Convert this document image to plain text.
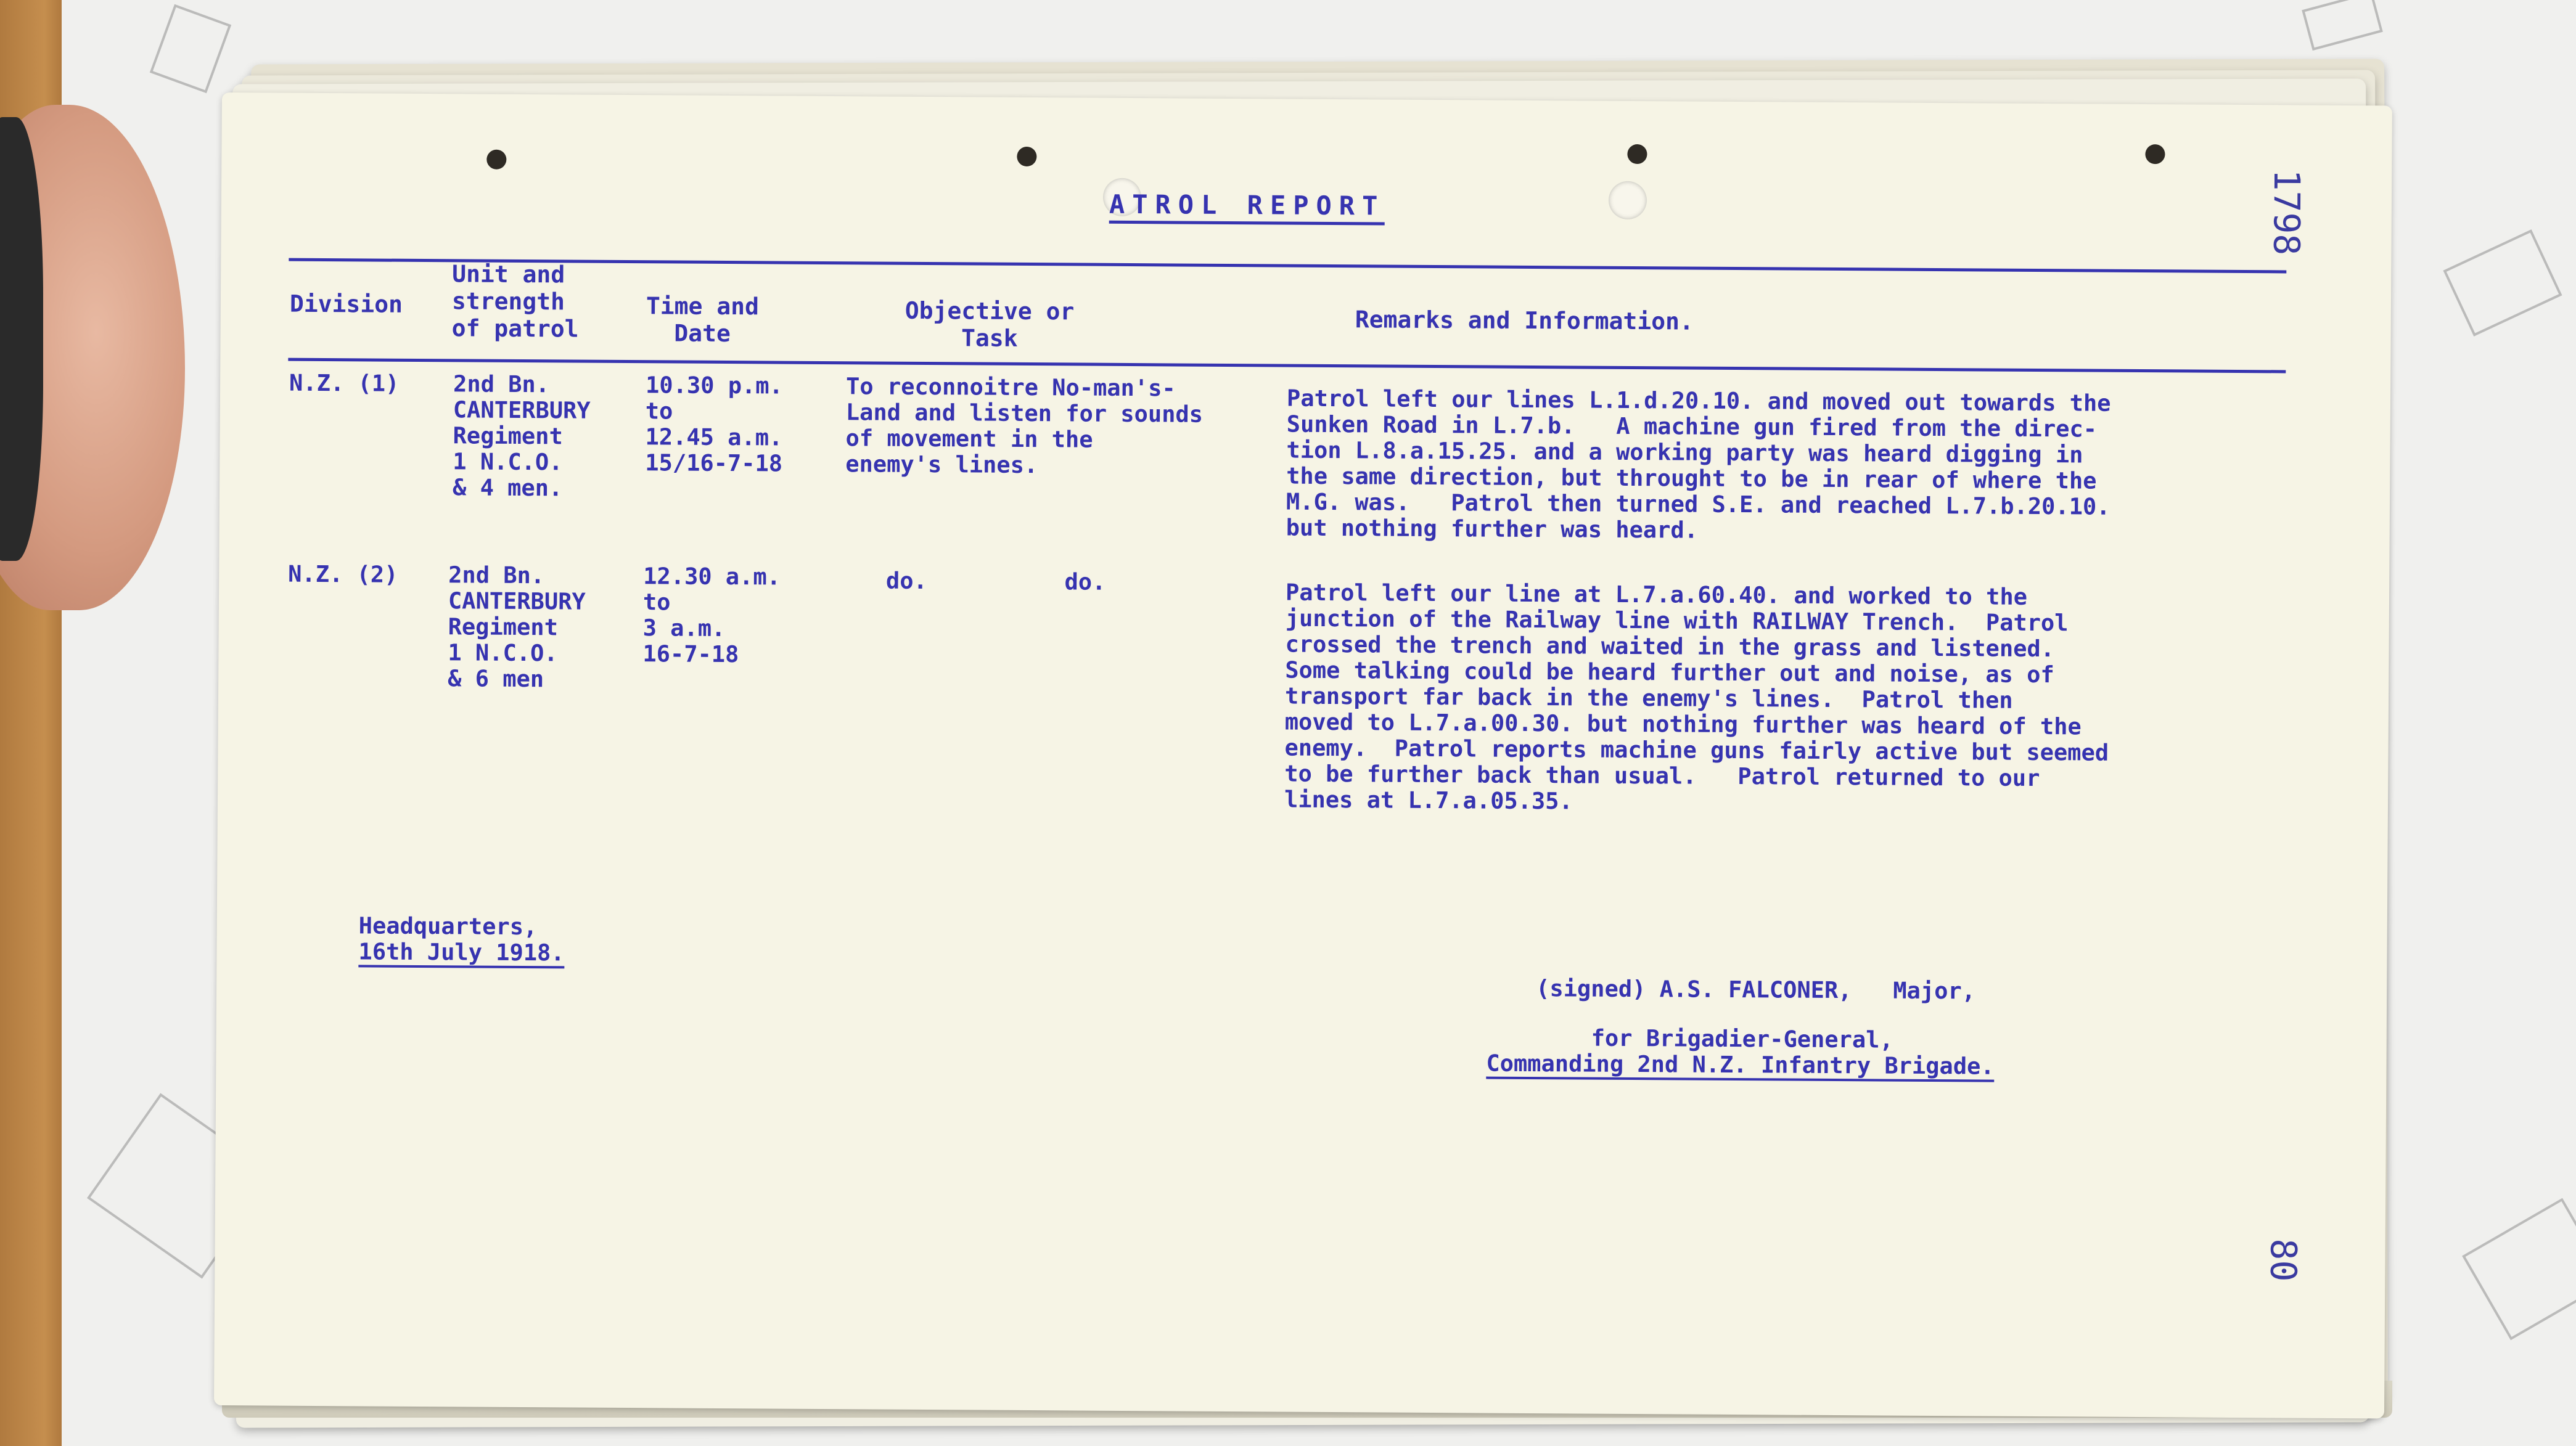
ATROL REPORT	1798
80
Division
Unit and
strength
of patrol
Time and
Date
Objective or
Task
Remarks and Information.
N.Z. (1) 2nd Bn.
CANTERBURY
Regiment
1 N.C.O.
& 4 men.
10.30 p.m.
to
12.45 a.m.
15/16-7-18
To reconnoitre No-man's-
Land and listen for sounds
of movement in the
enemy's lines.
Patrol left our lines L.1.d.20.10. and moved out towards the
Sunken Road in L.7.b.   A machine gun fired from the direc-
tion L.8.a.15.25. and a working party was heard digging in
the same direction, but throught to be in rear of where the
M.G. was.   Patrol then turned S.E. and reached L.7.b.20.10.
but nothing further was heard.
N.Z. (2) 2nd Bn.
CANTERBURY
Regiment
1 N.C.O.
& 6 men
12.30 a.m.
to
3 a.m.
16-7-18
do.          do.	Patrol left our line at L.7.a.60.40. and worked to the
junction of the Railway line with RAILWAY Trench.  Patrol
crossed the trench and waited in the grass and listened.
Some talking could be heard further out and noise, as of
transport far back in the enemy's lines.  Patrol then
moved to L.7.a.00.30. but nothing further was heard of the
enemy.  Patrol reports machine guns fairly active but seemed
to be further back than usual.   Patrol returned to our
lines at L.7.a.05.35.
Headquarters,
16th July 1918.
(signed) A.S. FALCONER,   Major,
for Brigadier-General,
Commanding 2nd N.Z. Infantry Brigade.
